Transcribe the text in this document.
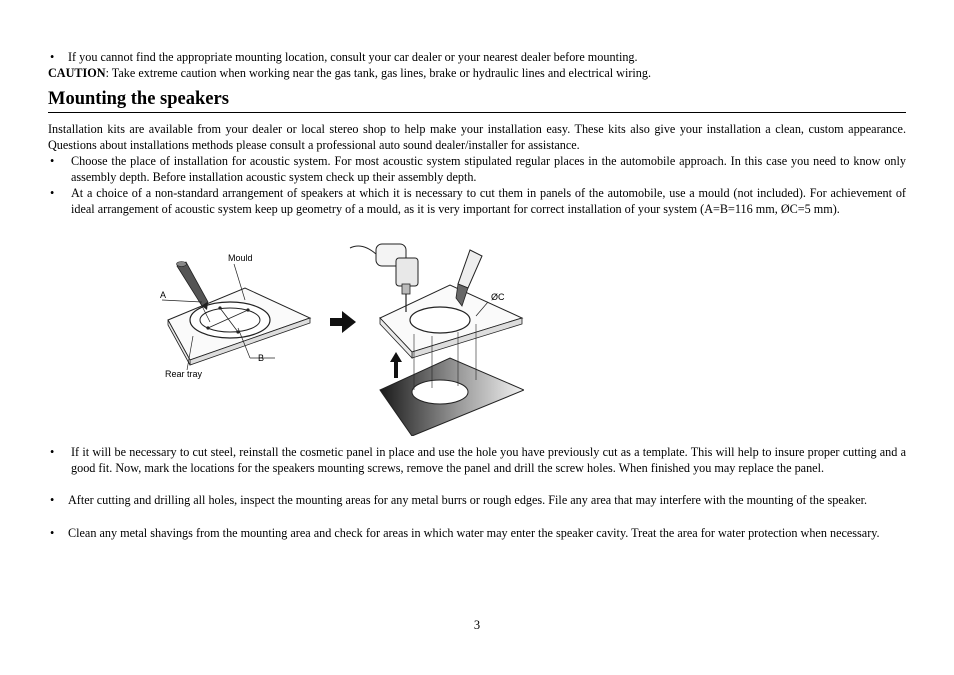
•	If you cannot find the appropriate mounting location, consult your car dealer or your nearest dealer before mounting.
CAUTION: Take extreme caution when working near the gas tank, gas lines, brake or hydraulic lines and electrical wiring.
Mounting the speakers
Installation kits are available from your dealer or local stereo shop to help make your installation easy. These kits also give your installation a clean, custom appearance. Questions about installations methods please consult a professional auto sound dealer/installer for assistance.
•	Choose the place of installation for acoustic system. For most acoustic system stipulated regular places in the automobile approach. In this case you need to know only assembly depth. Before installation acoustic system check up their assembly depth.
•	At a choice of a non-standard arrangement of speakers at which it is necessary to cut them in panels of the automobile, use a mould (not included). For achievement of ideal arrangement of acoustic system keep up geometry of a mould, as it is very important for correct installation of your system (A=B=116 mm, ØC=5 mm).
Mould
A
B
Rear tray
ØC
•	If it will be necessary to cut steel, reinstall the cosmetic panel in place and use the hole you have previously cut as a template. This will help to insure proper cutting and a good fit. Now, mark the locations for the speakers mounting screws, remove the panel and drill the screw holes. When finished you may replace the panel.
•	After cutting and drilling all holes, inspect the mounting areas for any metal burrs or rough edges. File any area that may interfere with the mounting of the speaker.
•	Clean any metal shavings from the mounting area and check for areas in which water may enter the speaker cavity. Treat the area for water protection when necessary.
3
